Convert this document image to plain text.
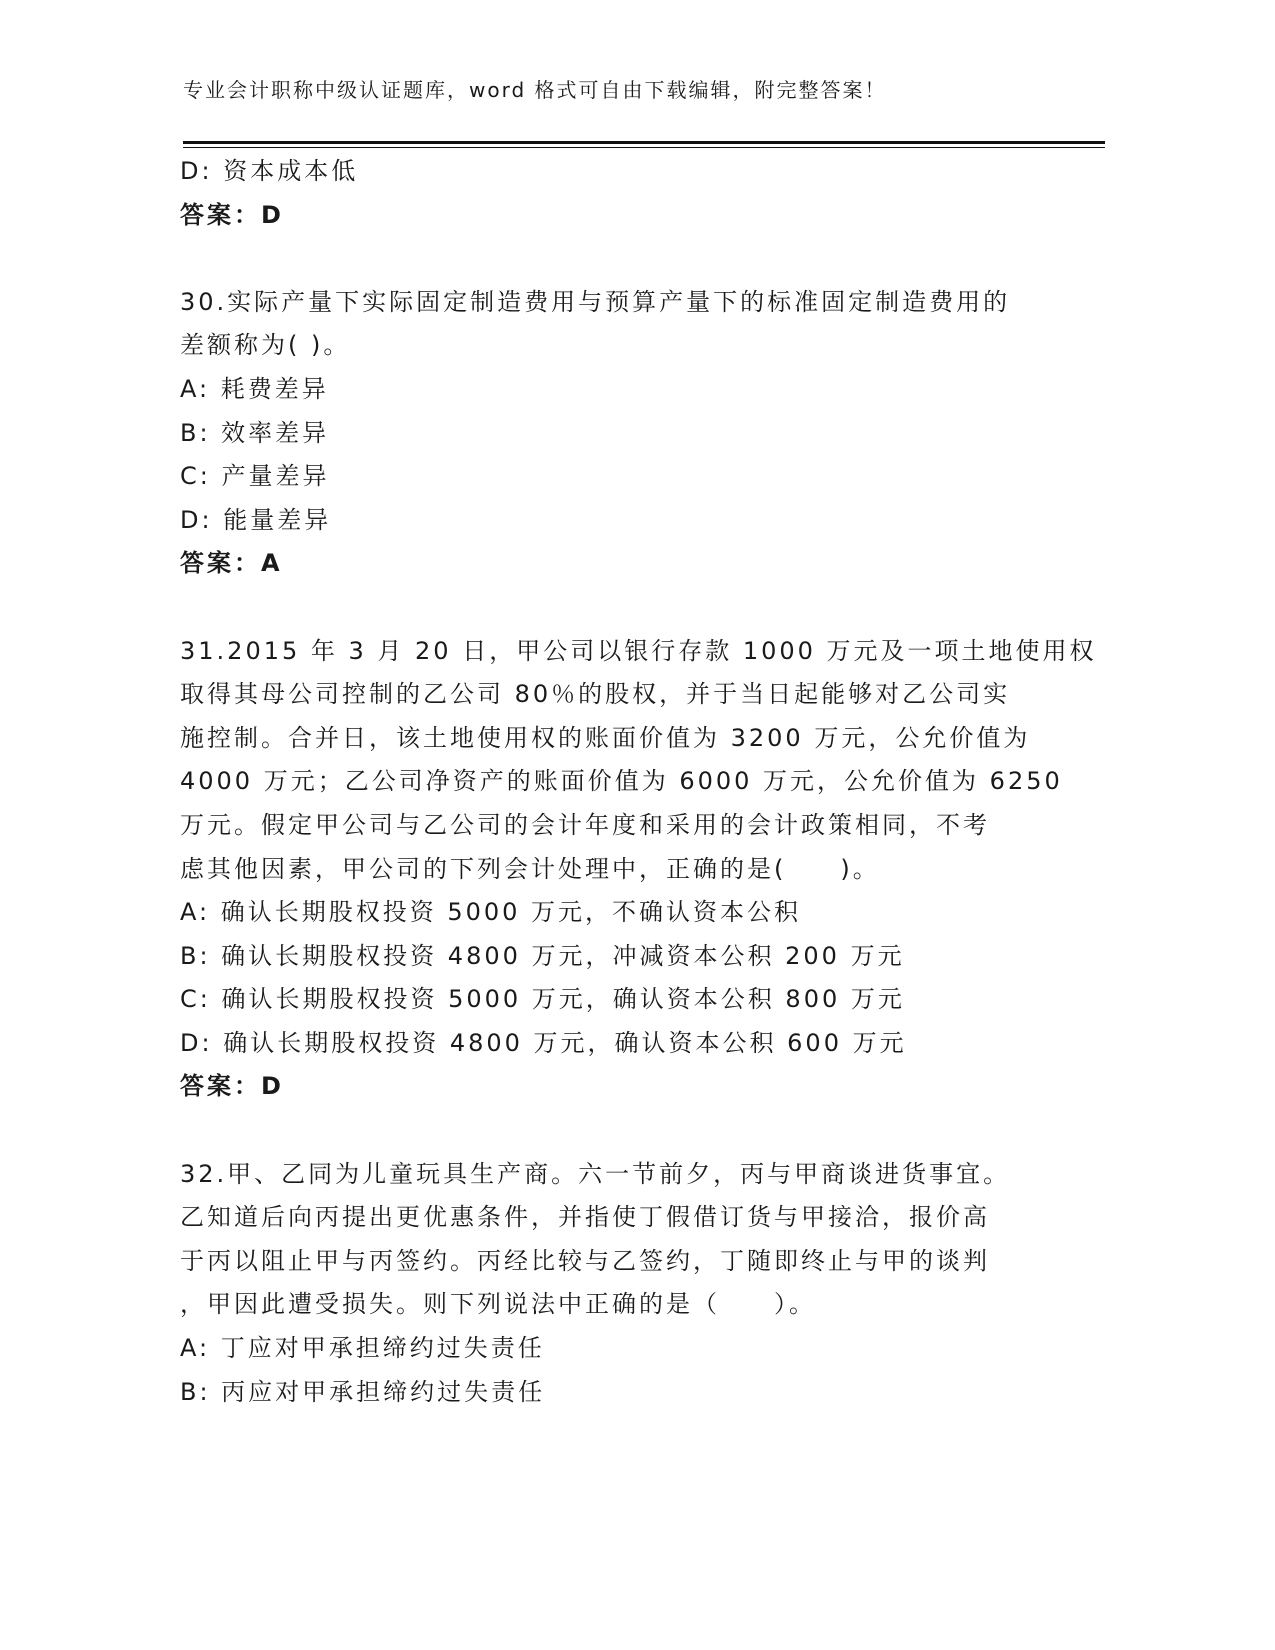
专业会计职称中级认证题库，word 格式可自由下载编辑，附完整答案！
D: 资本成本低
答案：D
30.实际产量下实际固定制造费用与预算产量下的标准固定制造费用的
差额称为( )。
A: 耗费差异
B: 效率差异
C: 产量差异
D: 能量差异
答案：A
31.2015 年 3 月 20 日，甲公司以银行存款 1000 万元及一项土地使用权
取得其母公司控制的乙公司 80％的股权，并于当日起能够对乙公司实
施控制。合并日，该土地使用权的账面价值为 3200 万元，公允价值为
4000 万元；乙公司净资产的账面价值为 6000 万元，公允价值为 6250
万元。假定甲公司与乙公司的会计年度和采用的会计政策相同，不考
虑其他因素，甲公司的下列会计处理中，正确的是(　　)。
A: 确认长期股权投资 5000 万元，不确认资本公积
B: 确认长期股权投资 4800 万元，冲减资本公积 200 万元
C: 确认长期股权投资 5000 万元，确认资本公积 800 万元
D: 确认长期股权投资 4800 万元，确认资本公积 600 万元
答案：D
32.甲、乙同为儿童玩具生产商。六一节前夕，丙与甲商谈进货事宜。
乙知道后向丙提出更优惠条件，并指使丁假借订货与甲接洽，报价高
于丙以阻止甲与丙签约。丙经比较与乙签约，丁随即终止与甲的谈判
，甲因此遭受损失。则下列说法中正确的是（　　）。
A: 丁应对甲承担缔约过失责任
B: 丙应对甲承担缔约过失责任
